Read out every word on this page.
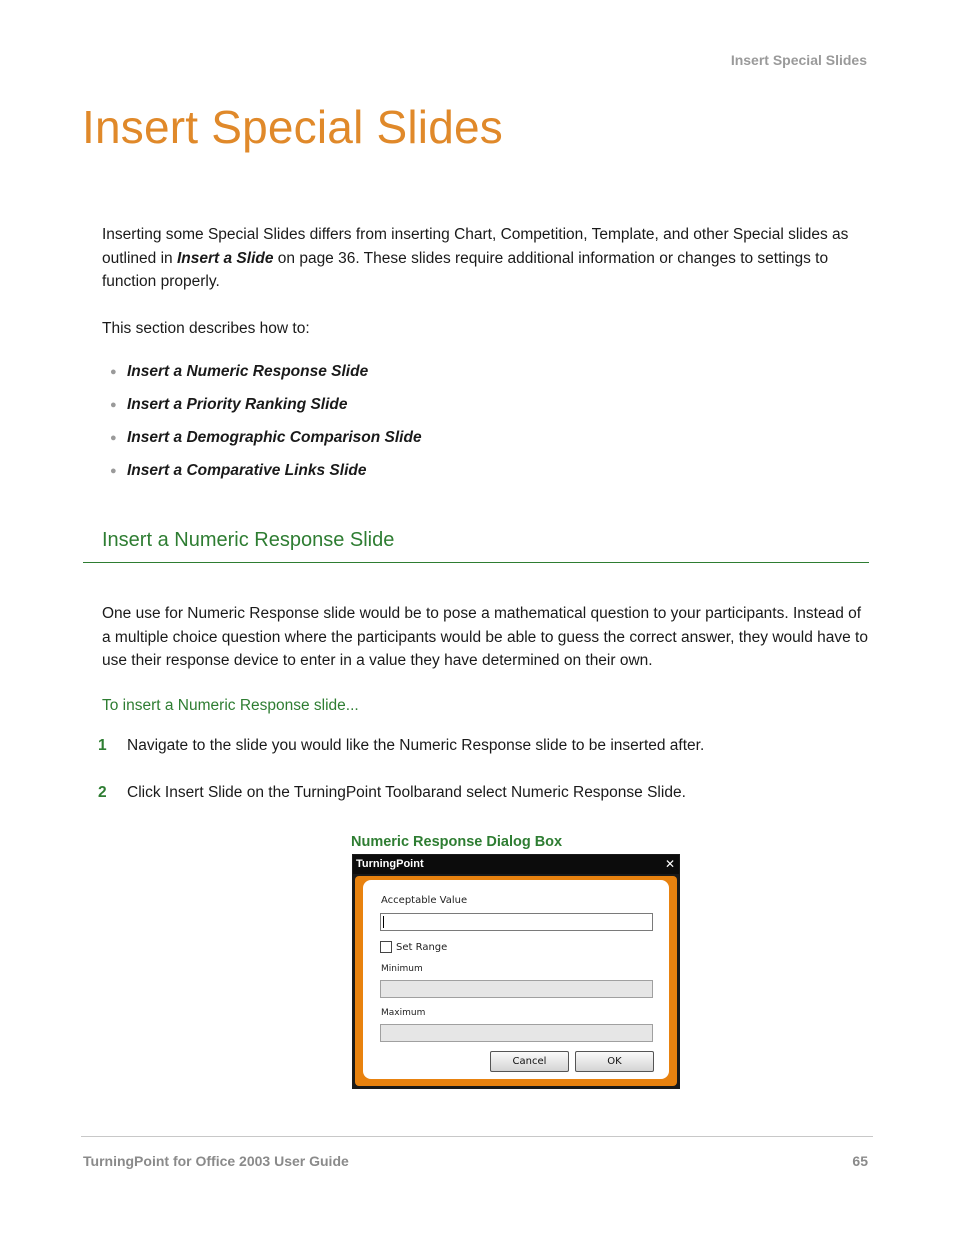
Insert Special Slides
Insert Special Slides

Inserting some Special Slides differs from inserting Chart, Competition, Template, and other Special slides as outlined in Insert a Slide on page 36. These slides require additional information or changes to settings to function properly.

This section describes how to:

● Insert a Numeric Response Slide
● Insert a Priority Ranking Slide
● Insert a Demographic Comparison Slide
● Insert a Comparative Links Slide
Insert a Numeric Response Slide

One use for Numeric Response slide would be to pose a mathematical question to your participants. Instead of a multiple choice question where the participants would be able to guess the correct answer, they would have to use their response device to enter in a value they have determined on their own.

To insert a Numeric Response slide...
1	Navigate to the slide you would like the Numeric Response slide to be inserted after.
2	Click Insert Slide on the TurningPoint Toolbarand select Numeric Response Slide.
Numeric Response Dialog Box
TurningPoint	✕
Acceptable Value
Set Range
Minimum
Maximum
Cancel	OK
TurningPoint for Office 2003 User Guide	65
